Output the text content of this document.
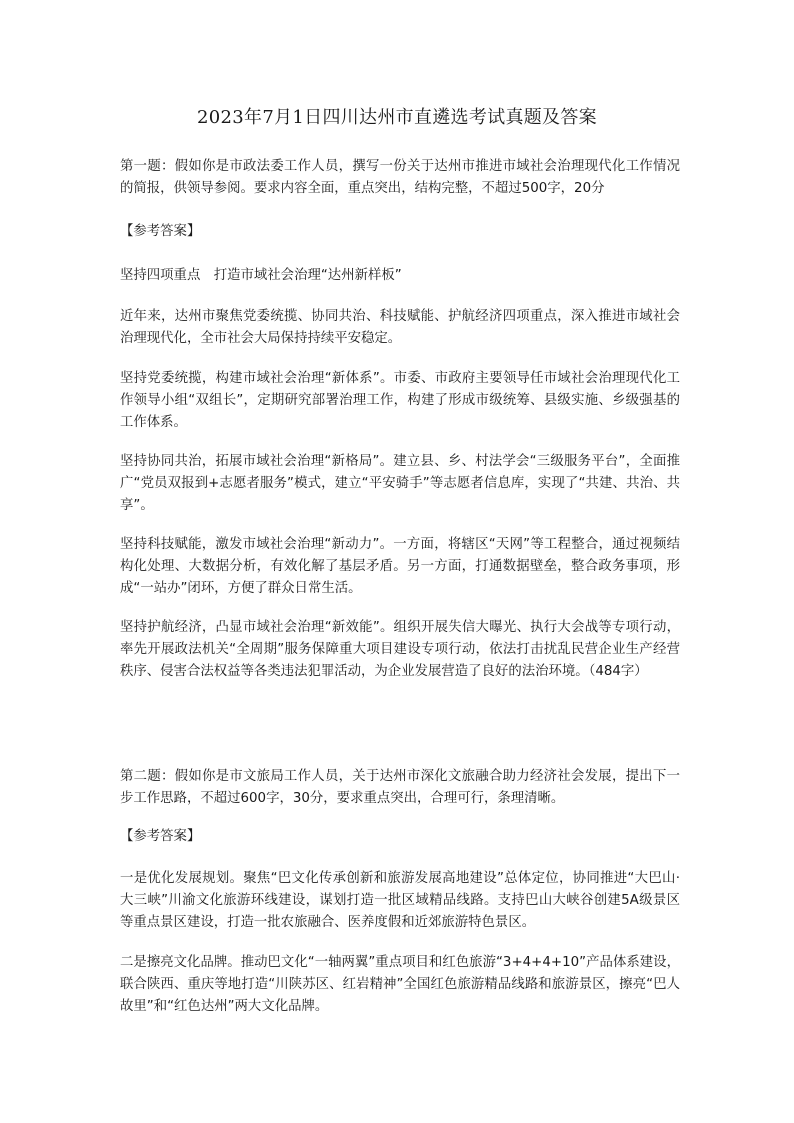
2023年7月1日四川达州市直遴选考试真题及答案

第一题：假如你是市政法委工作人员，撰写一份关于达州市推进市域社会治理现代化工作情况的简报，供领导参阅。要求内容全面，重点突出，结构完整，不超过500字，20分

【参考答案】

坚持四项重点　打造市域社会治理“达州新样板”

近年来，达州市聚焦党委统揽、协同共治、科技赋能、护航经济四项重点，深入推进市域社会治理现代化，全市社会大局保持持续平安稳定。

坚持党委统揽，构建市域社会治理“新体系”。市委、市政府主要领导任市域社会治理现代化工作领导小组“双组长”，定期研究部署治理工作，构建了形成市级统筹、县级实施、乡级强基的工作体系。

坚持协同共治，拓展市域社会治理“新格局”。建立县、乡、村法学会“三级服务平台”，全面推广“党员双报到+志愿者服务”模式，建立“平安骑手”等志愿者信息库，实现了“共建、共治、共享”。

坚持科技赋能，激发市域社会治理“新动力”。一方面，将辖区“天网”等工程整合，通过视频结构化处理、大数据分析，有效化解了基层矛盾。另一方面，打通数据壁垒，整合政务事项，形成“一站办”闭环，方便了群众日常生活。

坚持护航经济，凸显市域社会治理“新效能”。组织开展失信大曝光、执行大会战等专项行动，率先开展政法机关“全周期”服务保障重大项目建设专项行动，依法打击扰乱民营企业生产经营秩序、侵害合法权益等各类违法犯罪活动，为企业发展营造了良好的法治环境。（484字）

第二题：假如你是市文旅局工作人员，关于达州市深化文旅融合助力经济社会发展，提出下一步工作思路，不超过600字，30分，要求重点突出，合理可行，条理清晰。

【参考答案】

一是优化发展规划。聚焦“巴文化传承创新和旅游发展高地建设”总体定位，协同推进“大巴山·大三峡”川渝文化旅游环线建设，谋划打造一批区域精品线路。支持巴山大峡谷创建5A级景区等重点景区建设，打造一批农旅融合、医养度假和近郊旅游特色景区。

二是擦亮文化品牌。推动巴文化“一轴两翼”重点项目和红色旅游“3+4+4+10”产品体系建设，联合陕西、重庆等地打造“川陕苏区、红岩精神”全国红色旅游精品线路和旅游景区，擦亮“巴人故里”和“红色达州”两大文化品牌。
